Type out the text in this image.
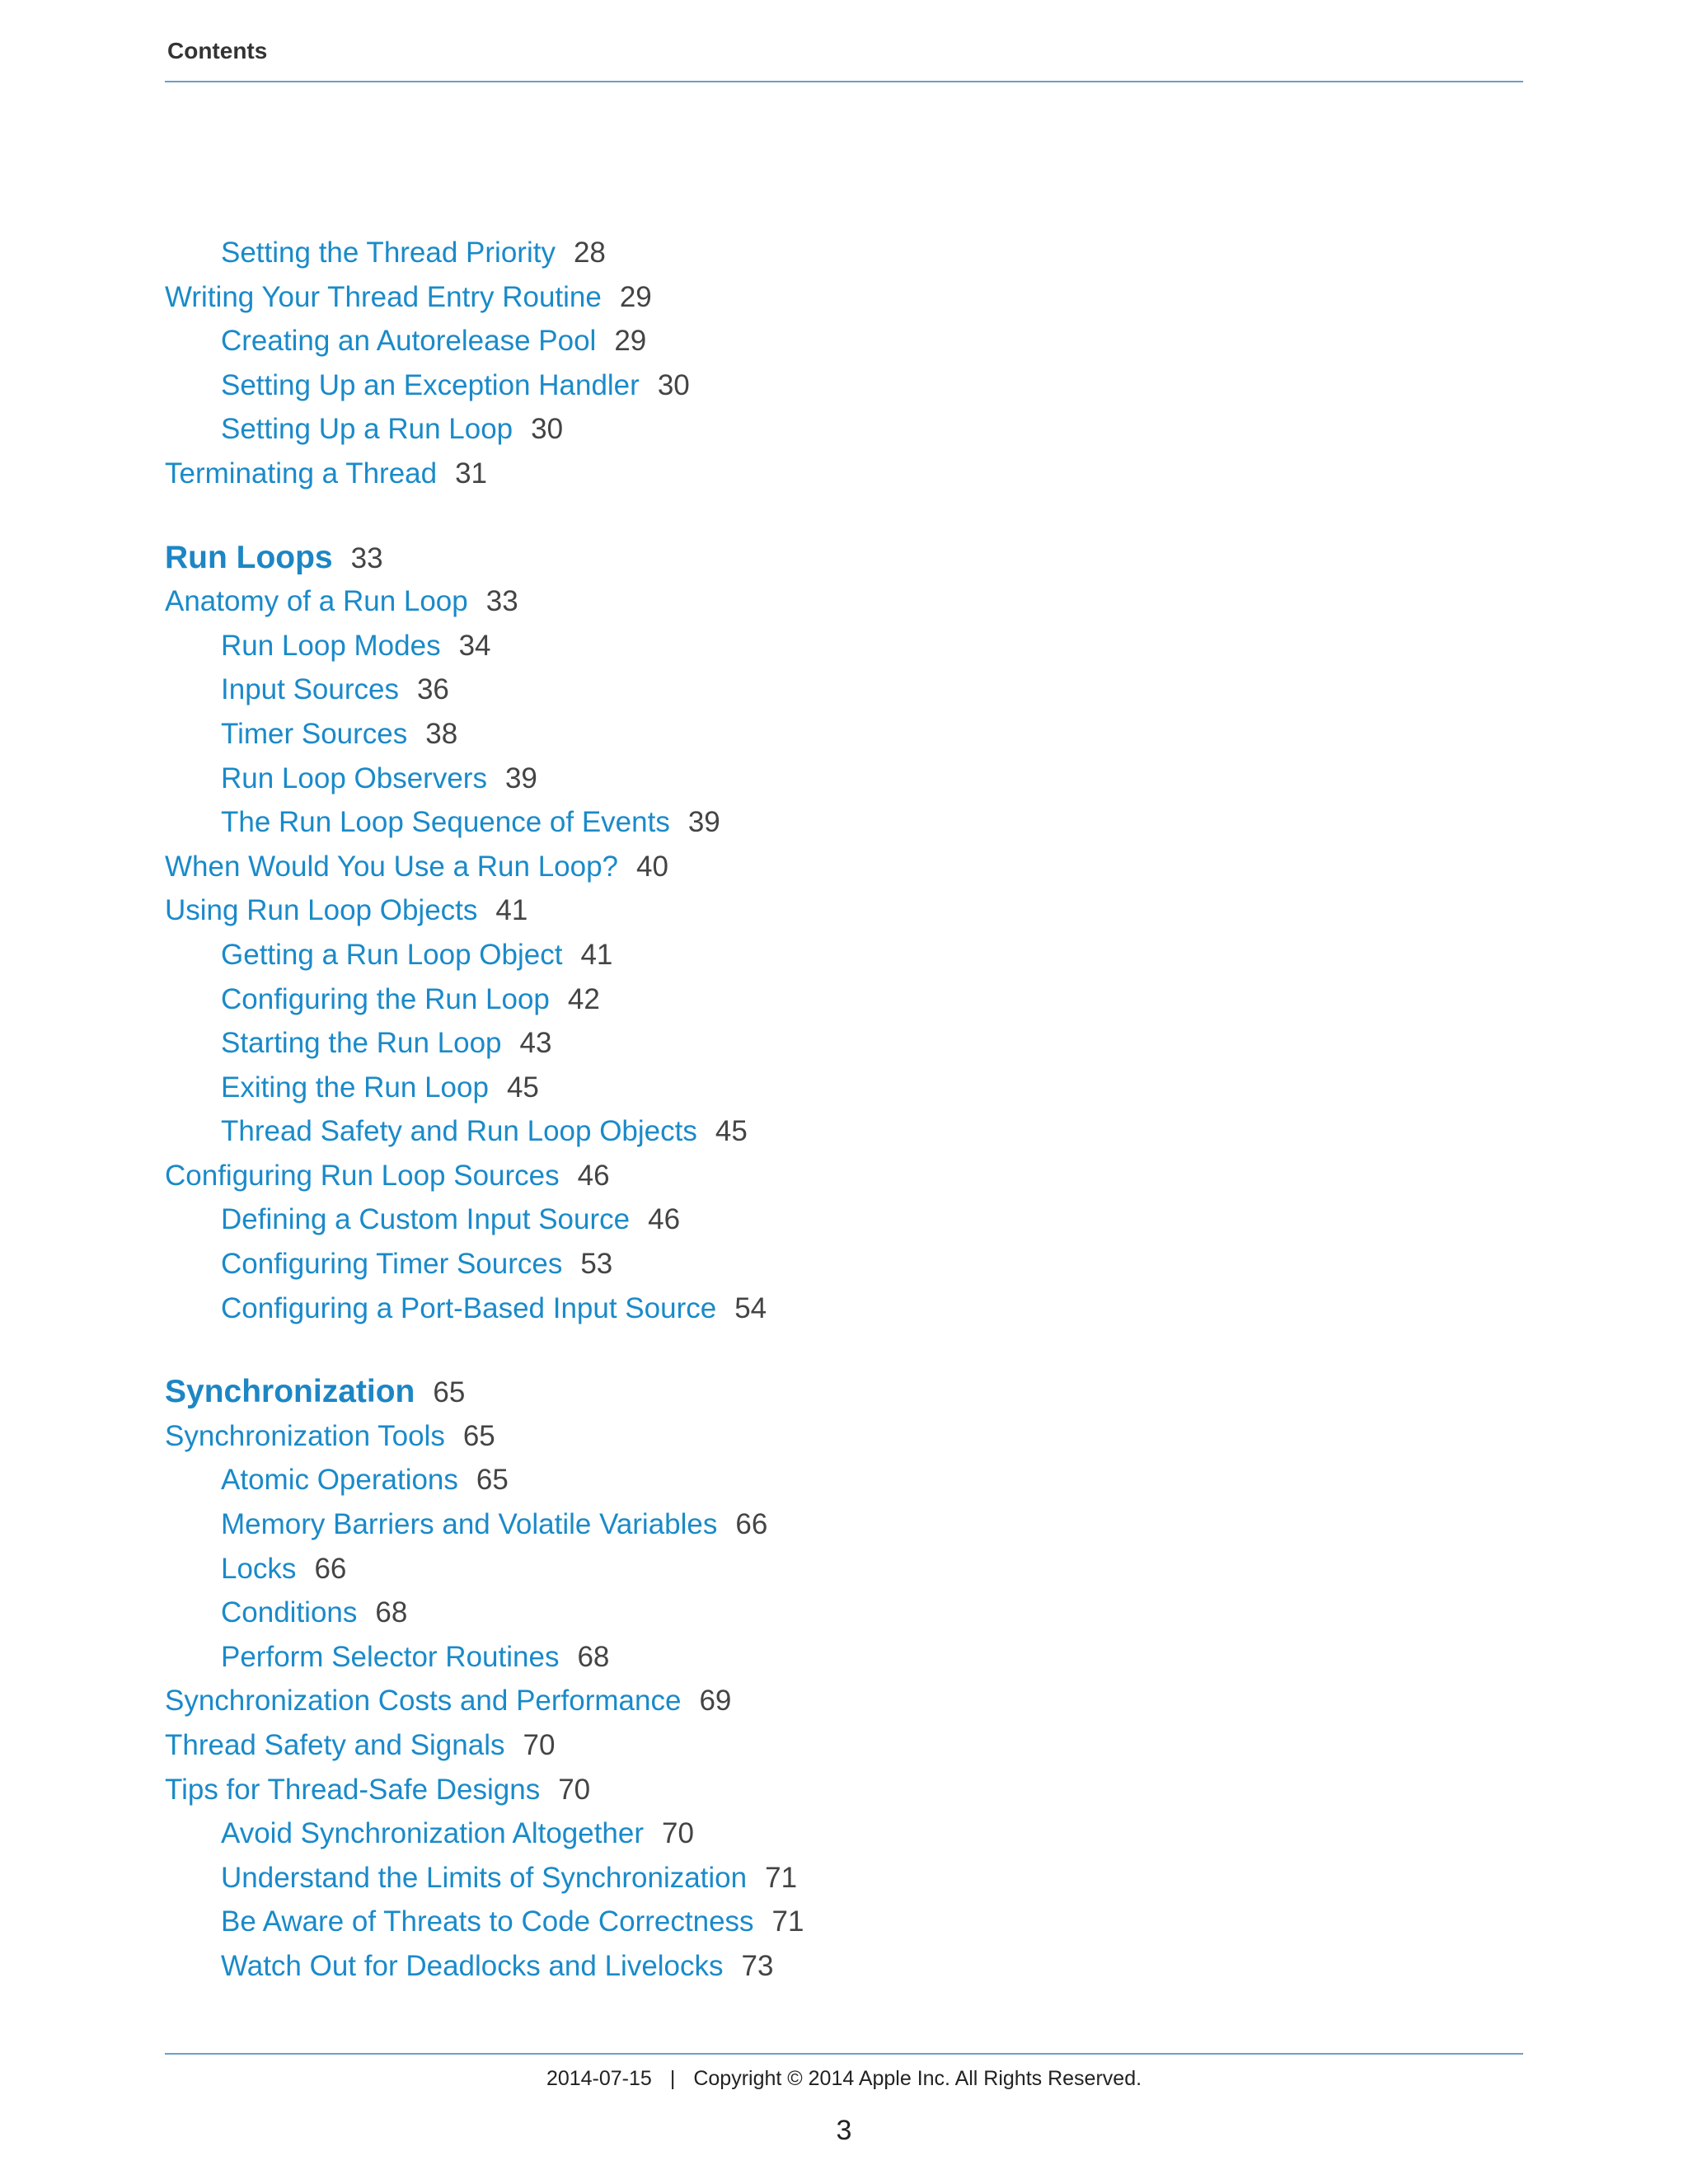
Contents
Setting the Thread Priority 28
Writing Your Thread Entry Routine 29
Creating an Autorelease Pool 29
Setting Up an Exception Handler 30
Setting Up a Run Loop 30
Terminating a Thread 31
Run Loops 33
Anatomy of a Run Loop 33
Run Loop Modes 34
Input Sources 36
Timer Sources 38
Run Loop Observers 39
The Run Loop Sequence of Events 39
When Would You Use a Run Loop? 40
Using Run Loop Objects 41
Getting a Run Loop Object 41
Configuring the Run Loop 42
Starting the Run Loop 43
Exiting the Run Loop 45
Thread Safety and Run Loop Objects 45
Configuring Run Loop Sources 46
Defining a Custom Input Source 46
Configuring Timer Sources 53
Configuring a Port-Based Input Source 54
Synchronization 65
Synchronization Tools 65
Atomic Operations 65
Memory Barriers and Volatile Variables 66
Locks 66
Conditions 68
Perform Selector Routines 68
Synchronization Costs and Performance 69
Thread Safety and Signals 70
Tips for Thread-Safe Designs 70
Avoid Synchronization Altogether 70
Understand the Limits of Synchronization 71
Be Aware of Threats to Code Correctness 71
Watch Out for Deadlocks and Livelocks 73
2014-07-15 | Copyright © 2014 Apple Inc. All Rights Reserved.
3
